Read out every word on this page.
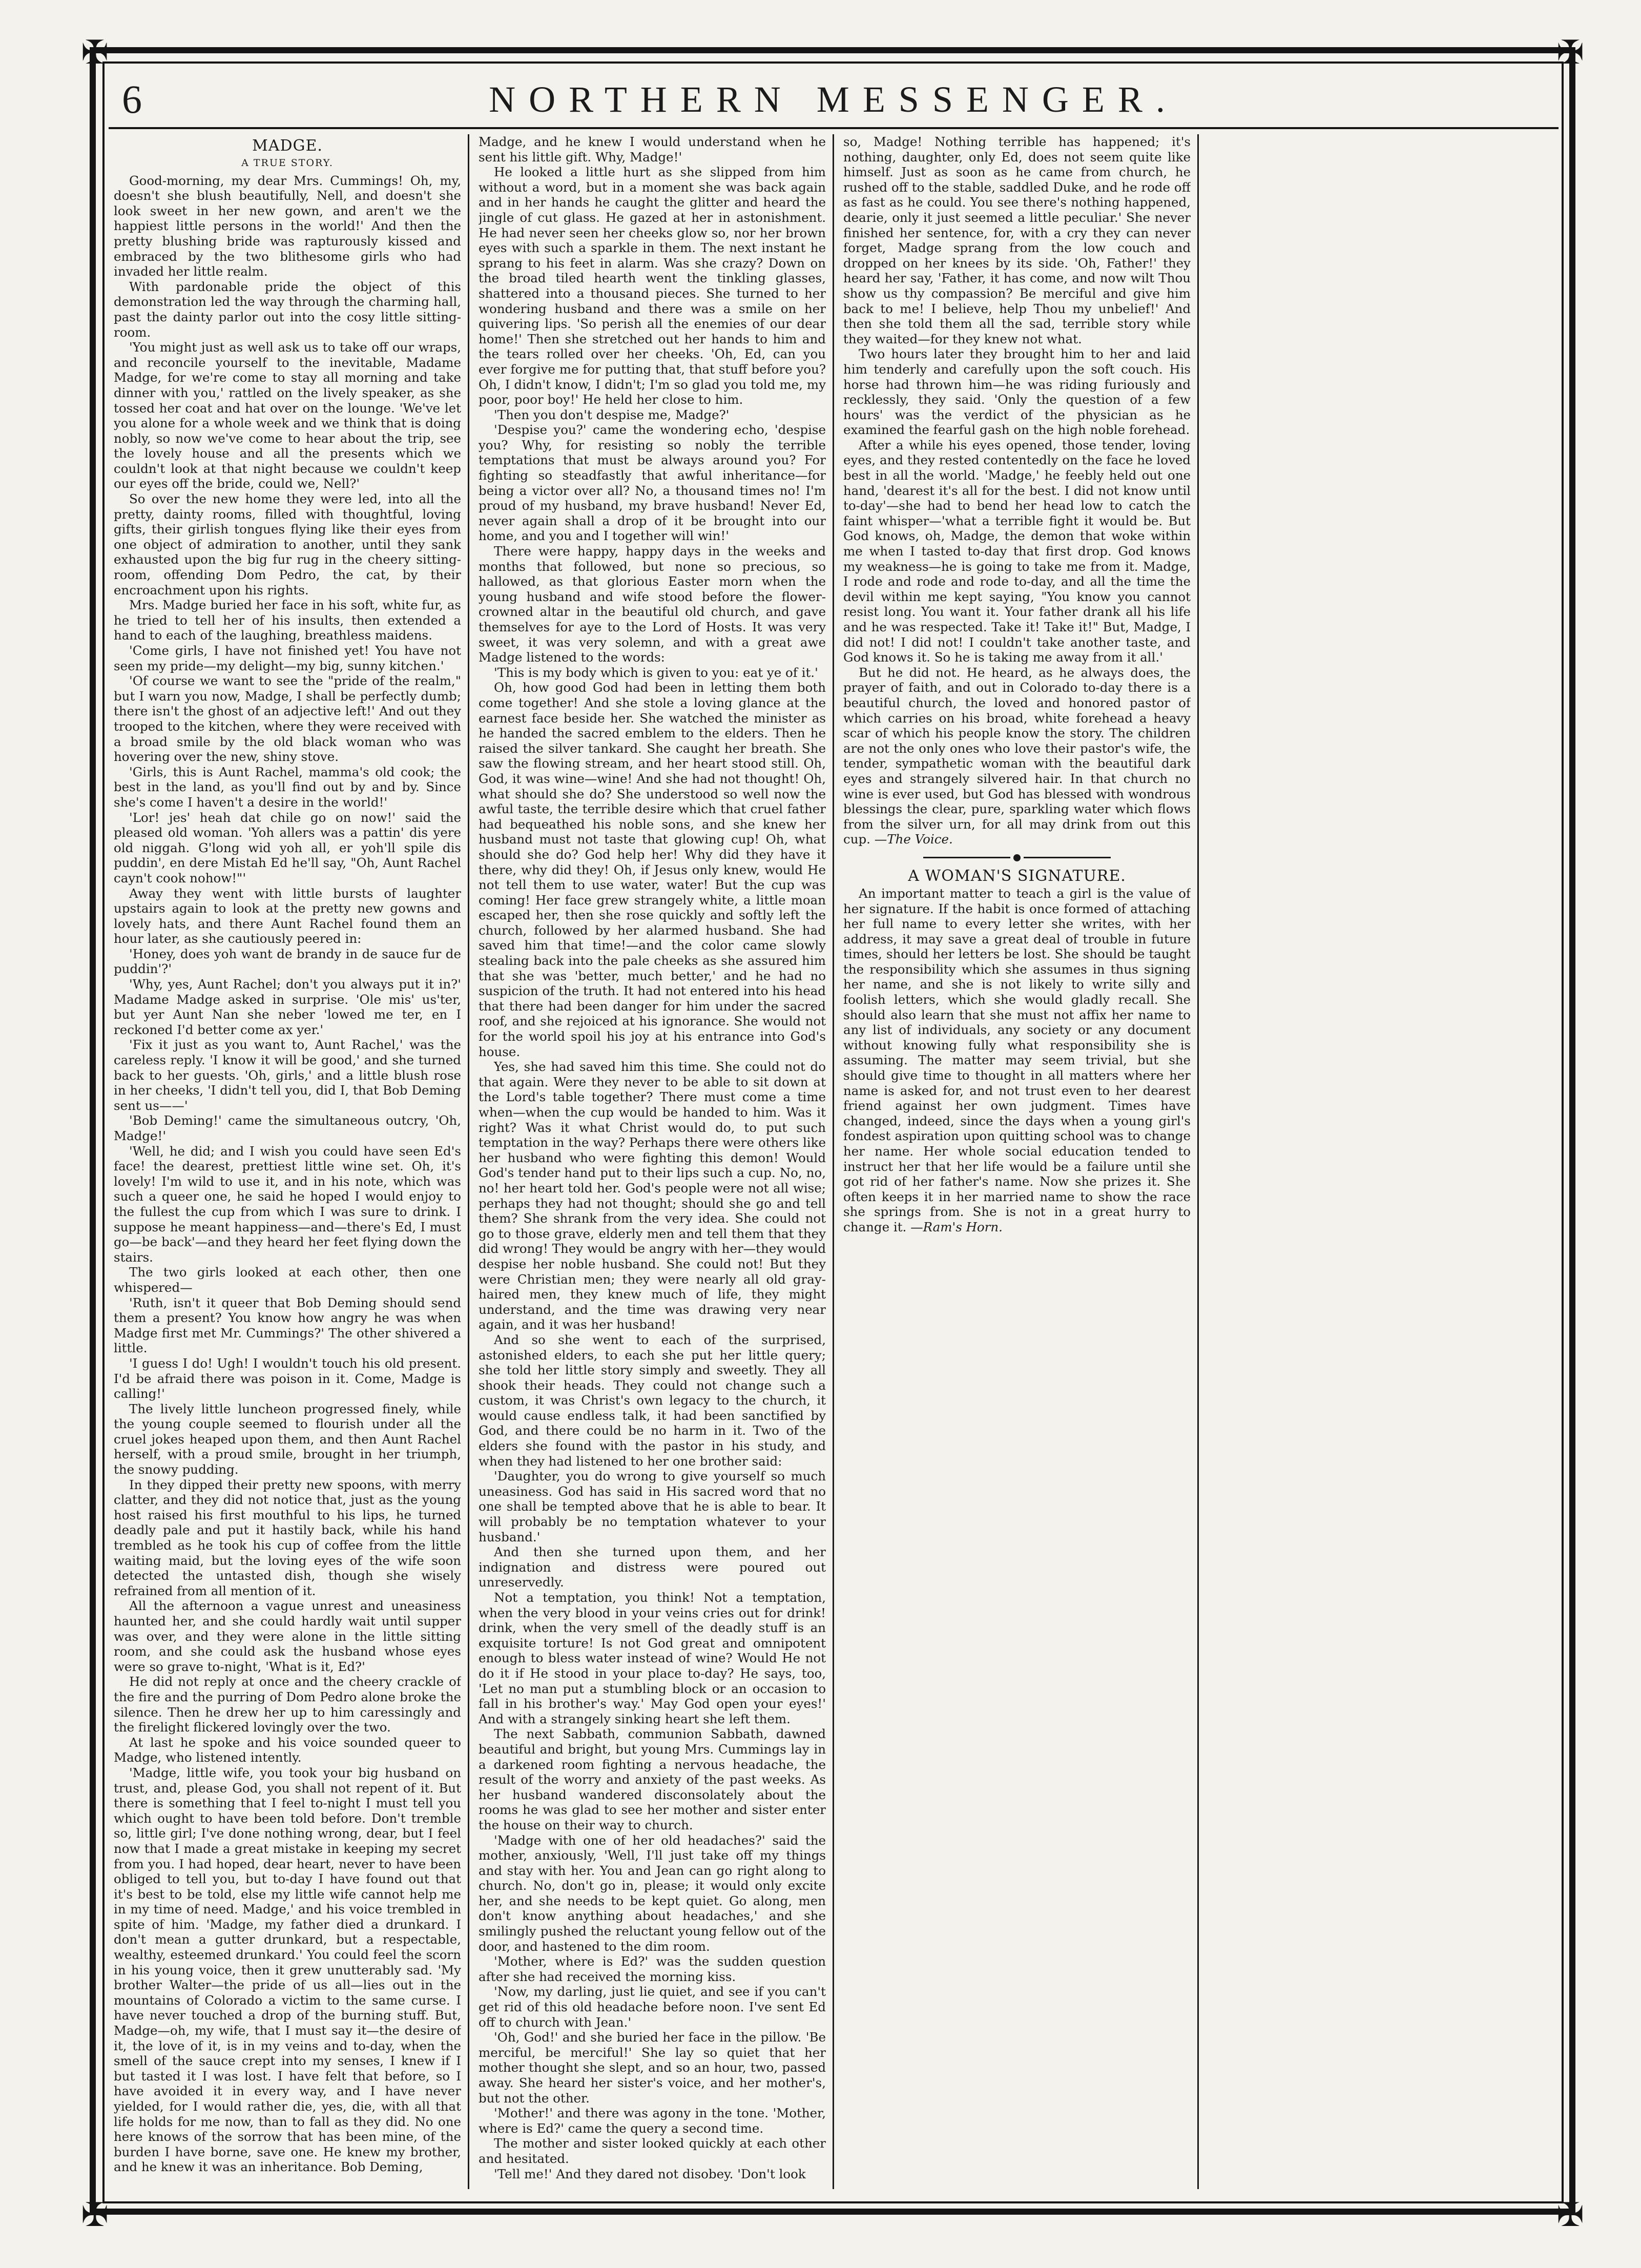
✠	✠
✠	✠
6	NORTHERN MESSENGER.
MADGE.
A TRUE STORY.

Good-morning, my dear Mrs. Cummings! Oh, my, doesn't she blush beautifully, Nell, and doesn't she look sweet in her new gown, and aren't we the happiest little persons in the world!' And then the pretty blushing bride was rapturously kissed and embraced by the two blithesome girls who had invaded her little realm.

With pardonable pride the object of this demonstration led the way through the charming hall, past the dainty parlor out into the cosy little sitting-room.

'You might just as well ask us to take off our wraps, and reconcile yourself to the inevitable, Madame Madge, for we're come to stay all morning and take dinner with you,' rattled on the lively speaker, as she tossed her coat and hat over on the lounge. 'We've let you alone for a whole week and we think that is doing nobly, so now we've come to hear about the trip, see the lovely house and all the presents which we couldn't look at that night because we couldn't keep our eyes off the bride, could we, Nell?'

So over the new home they were led, into all the pretty, dainty rooms, filled with thoughtful, loving gifts, their girlish tongues flying like their eyes from one object of admiration to another, until they sank exhausted upon the big fur rug in the cheery sitting-room, offending Dom Pedro, the cat, by their encroachment upon his rights.

Mrs. Madge buried her face in his soft, white fur, as he tried to tell her of his insults, then extended a hand to each of the laughing, breathless maidens.

'Come girls, I have not finished yet! You have not seen my pride—my delight—my big, sunny kitchen.'

'Of course we want to see the "pride of the realm," but I warn you now, Madge, I shall be perfectly dumb; there isn't the ghost of an adjective left!' And out they trooped to the kitchen, where they were received with a broad smile by the old black woman who was hovering over the new, shiny stove.

'Girls, this is Aunt Rachel, mamma's old cook; the best in the land, as you'll find out by and by. Since she's come I haven't a desire in the world!'

'Lor! jes' heah dat chile go on now!' said the pleased old woman. 'Yoh allers was a pattin' dis yere old niggah. G'long wid yoh all, er yoh'll spile dis puddin', en dere Mistah Ed he'll say, "Oh, Aunt Rachel cayn't cook nohow!"'

Away they went with little bursts of laughter upstairs again to look at the pretty new gowns and lovely hats, and there Aunt Rachel found them an hour later, as she cautiously peered in:

'Honey, does yoh want de brandy in de sauce fur de puddin'?'

'Why, yes, Aunt Rachel; don't you always put it in?' Madame Madge asked in surprise. 'Ole mis' us'ter, but yer Aunt Nan she neber 'lowed me ter, en I reckoned I'd better come ax yer.'

'Fix it just as you want to, Aunt Rachel,' was the careless reply. 'I know it will be good,' and she turned back to her guests. 'Oh, girls,' and a little blush rose in her cheeks, 'I didn't tell you, did I, that Bob Deming sent us——'

'Bob Deming!' came the simultaneous outcry, 'Oh, Madge!'

'Well, he did; and I wish you could have seen Ed's face! the dearest, prettiest little wine set. Oh, it's lovely! I'm wild to use it, and in his note, which was such a queer one, he said he hoped I would enjoy to the fullest the cup from which I was sure to drink. I suppose he meant happiness—and—there's Ed, I must go—be back'—and they heard her feet flying down the stairs.

The two girls looked at each other, then one whispered—

'Ruth, isn't it queer that Bob Deming should send them a present? You know how angry he was when Madge first met Mr. Cummings?' The other shivered a little.

'I guess I do! Ugh! I wouldn't touch his old present. I'd be afraid there was poison in it. Come, Madge is calling!'

The lively little luncheon progressed finely, while the young couple seemed to flourish under all the cruel jokes heaped upon them, and then Aunt Rachel herself, with a proud smile, brought in her triumph, the snowy pudding.

In they dipped their pretty new spoons, with merry clatter, and they did not notice that, just as the young host raised his first mouthful to his lips, he turned deadly pale and put it hastily back, while his hand trembled as he took his cup of coffee from the little waiting maid, but the loving eyes of the wife soon detected the untasted dish, though she wisely refrained from all mention of it.

All the afternoon a vague unrest and uneasiness haunted her, and she could hardly wait until supper was over, and they were alone in the little sitting room, and she could ask the husband whose eyes were so grave to-night, 'What is it, Ed?'

He did not reply at once and the cheery crackle of the fire and the purring of Dom Pedro alone broke the silence. Then he drew her up to him caressingly and the firelight flickered lovingly over the two.

At last he spoke and his voice sounded queer to Madge, who listened intently.

'Madge, little wife, you took your big husband on trust, and, please God, you shall not repent of it. But there is something that I feel to-night I must tell you which ought to have been told before. Don't tremble so, little girl; I've done nothing wrong, dear, but I feel now that I made a great mistake in keeping my secret from you. I had hoped, dear heart, never to have been obliged to tell you, but to-day I have found out that it's best to be told, else my little wife cannot help me in my time of need. Madge,' and his voice trembled in spite of him. 'Madge, my father died a drunkard. I don't mean a gutter drunkard, but a respectable, wealthy, esteemed drunkard.' You could feel the scorn in his young voice, then it grew unutterably sad. 'My brother Walter—the pride of us all—lies out in the mountains of Colorado a victim to the same curse. I have never touched a drop of the burning stuff. But, Madge—oh, my wife, that I must say it—the desire of it, the love of it, is in my veins and to-day, when the smell of the sauce crept into my senses, I knew if I but tasted it I was lost. I have felt that before, so I have avoided it in every way, and I have never yielded, for I would rather die, yes, die, with all that life holds for me now, than to fall as they did. No one here knows of the sorrow that has been mine, of the burden I have borne, save one. He knew my brother, and he knew it was an inheritance. Bob Deming,

Madge, and he knew I would understand when he sent his little gift. Why, Madge!'

He looked a little hurt as she slipped from him without a word, but in a moment she was back again and in her hands he caught the glitter and heard the jingle of cut glass. He gazed at her in astonishment. He had never seen her cheeks glow so, nor her brown eyes with such a sparkle in them. The next instant he sprang to his feet in alarm. Was she crazy? Down on the broad tiled hearth went the tinkling glasses, shattered into a thousand pieces. She turned to her wondering husband and there was a smile on her quivering lips. 'So perish all the enemies of our dear home!' Then she stretched out her hands to him and the tears rolled over her cheeks. 'Oh, Ed, can you ever forgive me for putting that, that stuff before you? Oh, I didn't know, I didn't; I'm so glad you told me, my poor, poor boy!' He held her close to him.

'Then you don't despise me, Madge?'

'Despise you?' came the wondering echo, 'despise you? Why, for resisting so nobly the terrible temptations that must be always around you? For fighting so steadfastly that awful inheritance—for being a victor over all? No, a thousand times no! I'm proud of my husband, my brave husband! Never Ed, never again shall a drop of it be brought into our home, and you and I together will win!'

There were happy, happy days in the weeks and months that followed, but none so precious, so hallowed, as that glorious Easter morn when the young husband and wife stood before the flower-crowned altar in the beautiful old church, and gave themselves for aye to the Lord of Hosts. It was very sweet, it was very solemn, and with a great awe Madge listened to the words:

'This is my body which is given to you: eat ye of it.'

Oh, how good God had been in letting them both come together! And she stole a loving glance at the earnest face beside her. She watched the minister as he handed the sacred emblem to the elders. Then he raised the silver tankard. She caught her breath. She saw the flowing stream, and her heart stood still. Oh, God, it was wine—wine! And she had not thought! Oh, what should she do? She understood so well now the awful taste, the terrible desire which that cruel father had bequeathed his noble sons, and she knew her husband must not taste that glowing cup! Oh, what should she do? God help her! Why did they have it there, why did they! Oh, if Jesus only knew, would He not tell them to use water, water! But the cup was coming! Her face grew strangely white, a little moan escaped her, then she rose quickly and softly left the church, followed by her alarmed husband. She had saved him that time!—and the color came slowly stealing back into the pale cheeks as she assured him that she was 'better, much better,' and he had no suspicion of the truth. It had not entered into his head that there had been danger for him under the sacred roof, and she rejoiced at his ignorance. She would not for the world spoil his joy at his entrance into God's house.

Yes, she had saved him this time. She could not do that again. Were they never to be able to sit down at the Lord's table together? There must come a time when—when the cup would be handed to him. Was it right? Was it what Christ would do, to put such temptation in the way? Perhaps there were others like her husband who were fighting this demon! Would God's tender hand put to their lips such a cup. No, no, no! her heart told her. God's people were not all wise; perhaps they had not thought; should she go and tell them? She shrank from the very idea. She could not go to those grave, elderly men and tell them that they did wrong! They would be angry with her—they would despise her noble husband. She could not! But they were Christian men; they were nearly all old gray-haired men, they knew much of life, they might understand, and the time was drawing very near again, and it was her husband!

And so she went to each of the surprised, astonished elders, to each she put her little query; she told her little story simply and sweetly. They all shook their heads. They could not change such a custom, it was Christ's own legacy to the church, it would cause endless talk, it had been sanctified by God, and there could be no harm in it. Two of the elders she found with the pastor in his study, and when they had listened to her one brother said:

'Daughter, you do wrong to give yourself so much uneasiness. God has said in His sacred word that no one shall be tempted above that he is able to bear. It will probably be no temptation whatever to your husband.'

And then she turned upon them, and her indignation and distress were poured out unreservedly.

Not a temptation, you think! Not a temptation, when the very blood in your veins cries out for drink! drink, when the very smell of the deadly stuff is an exquisite torture! Is not God great and omnipotent enough to bless water instead of wine? Would He not do it if He stood in your place to-day? He says, too, 'Let no man put a stumbling block or an occasion to fall in his brother's way.' May God open your eyes!' And with a strangely sinking heart she left them.

The next Sabbath, communion Sabbath, dawned beautiful and bright, but young Mrs. Cummings lay in a darkened room fighting a nervous headache, the result of the worry and anxiety of the past weeks. As her husband wandered disconsolately about the rooms he was glad to see her mother and sister enter the house on their way to church.

'Madge with one of her old headaches?' said the mother, anxiously, 'Well, I'll just take off my things and stay with her. You and Jean can go right along to church. No, don't go in, please; it would only excite her, and she needs to be kept quiet. Go along, men don't know anything about headaches,' and she smilingly pushed the reluctant young fellow out of the door, and hastened to the dim room.

'Mother, where is Ed?' was the sudden question after she had received the morning kiss.

'Now, my darling, just lie quiet, and see if you can't get rid of this old headache before noon. I've sent Ed off to church with Jean.'

'Oh, God!' and she buried her face in the pillow. 'Be merciful, be merciful!' She lay so quiet that her mother thought she slept, and so an hour, two, passed away. She heard her sister's voice, and her mother's, but not the other.

'Mother!' and there was agony in the tone. 'Mother, where is Ed?' came the query a second time.

The mother and sister looked quickly at each other and hesitated.

'Tell me!' And they dared not disobey. 'Don't look

so, Madge! Nothing terrible has happened; it's nothing, daughter, only Ed, does not seem quite like himself. Just as soon as he came from church, he rushed off to the stable, saddled Duke, and he rode off as fast as he could. You see there's nothing happened, dearie, only it just seemed a little peculiar.' She never finished her sentence, for, with a cry they can never forget, Madge sprang from the low couch and dropped on her knees by its side. 'Oh, Father!' they heard her say, 'Father, it has come, and now wilt Thou show us thy compassion? Be merciful and give him back to me! I believe, help Thou my unbelief!' And then she told them all the sad, terrible story while they waited—for they knew not what.

Two hours later they brought him to her and laid him tenderly and carefully upon the soft couch. His horse had thrown him—he was riding furiously and recklessly, they said. 'Only the question of a few hours' was the verdict of the physician as he examined the fearful gash on the high noble forehead.

After a while his eyes opened, those tender, loving eyes, and they rested contentedly on the face he loved best in all the world. 'Madge,' he feebly held out one hand, 'dearest it's all for the best. I did not know until to-day'—she had to bend her head low to catch the faint whisper—'what a terrible fight it would be. But God knows, oh, Madge, the demon that woke within me when I tasted to-day that first drop. God knows my weakness—he is going to take me from it. Madge, I rode and rode and rode to-day, and all the time the devil within me kept saying, "You know you cannot resist long. You want it. Your father drank all his life and he was respected. Take it! Take it!" But, Madge, I did not! I did not! I couldn't take another taste, and God knows it. So he is taking me away from it all.'

But he did not. He heard, as he always does, the prayer of faith, and out in Colorado to-day there is a beautiful church, the loved and honored pastor of which carries on his broad, white forehead a heavy scar of which his people know the story. The children are not the only ones who love their pastor's wife, the tender, sympathetic woman with the beautiful dark eyes and strangely silvered hair. In that church no wine is ever used, but God has blessed with wondrous blessings the clear, pure, sparkling water which flows from the silver urn, for all may drink from out this cup. —The Voice.

A WOMAN'S SIGNATURE.

An important matter to teach a girl is the value of her signature. If the habit is once formed of attaching her full name to every letter she writes, with her address, it may save a great deal of trouble in future times, should her letters be lost. She should be taught the responsibility which she assumes in thus signing her name, and she is not likely to write silly and foolish letters, which she would gladly recall. She should also learn that she must not affix her name to any list of individuals, any society or any document without knowing fully what responsibility she is assuming. The matter may seem trivial, but she should give time to thought in all matters where her name is asked for, and not trust even to her dearest friend against her own judgment. Times have changed, indeed, since the days when a young girl's fondest aspiration upon quitting school was to change her name. Her whole social education tended to instruct her that her life would be a failure until she got rid of her father's name. Now she prizes it. She often keeps it in her married name to show the race she springs from. She is not in a great hurry to change it. —Ram's Horn.
